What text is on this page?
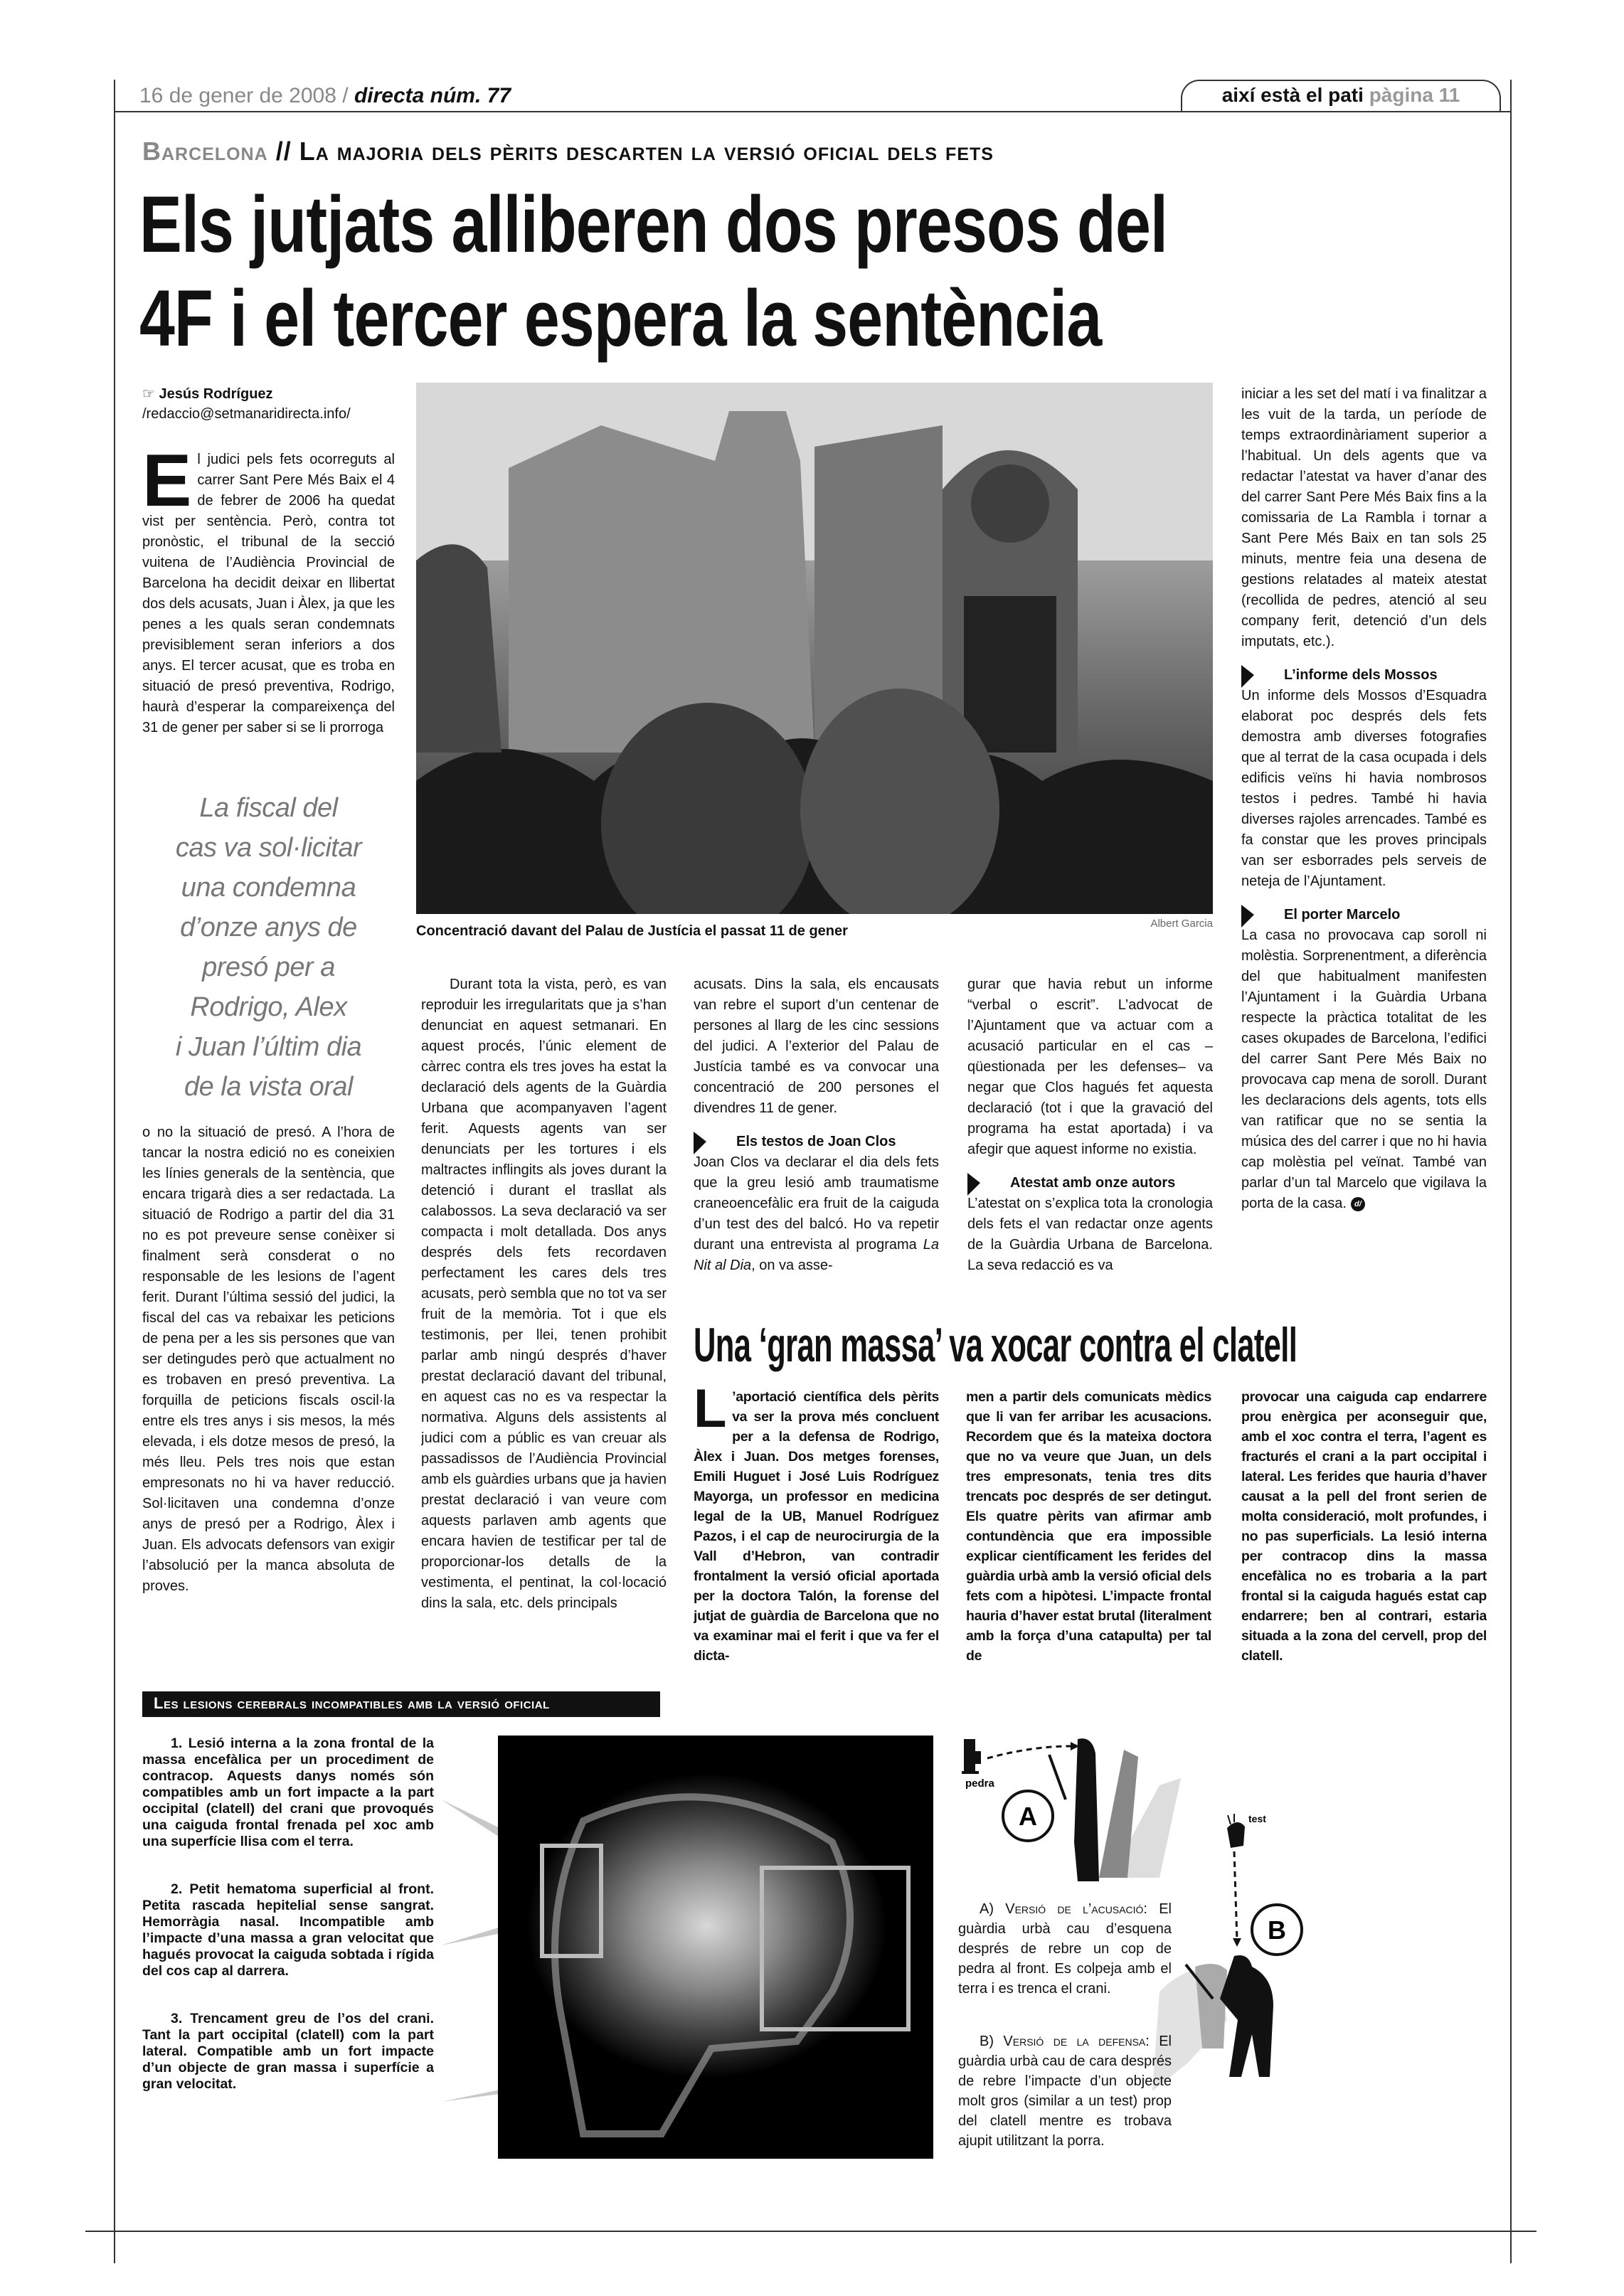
16 de gener de 2008 / directa núm. 77	així està el pati pàgina 11
Barcelona // La majoria dels pèrits descarten la versió oficial dels fets
Els jutjats alliberen dos presos del
4F i el tercer espera la sentència
☞ Jesús Rodríguez
/redaccio@setmanaridirecta.info/
E l judici pels fets ocorreguts al carrer Sant Pere Més Baix el 4 de febrer de 2006 ha quedat vist per sentència. Però, contra tot pronòstic, el tribunal de la secció vuitena de l’Audiència Provincial de Barcelona ha decidit deixar en llibertat dos dels acusats, Juan i Àlex, ja que les penes a les quals seran condemnats previsiblement seran inferiors a dos anys. El tercer acusat, que es troba en situació de presó preventiva, Rodrigo, haurà d’esperar la compareixença del 31 de gener per saber si se li prorroga
La fiscal del
cas va sol·licitar
una condemna
d’onze anys de
presó per a
Rodrigo, Alex
i Juan l’últim dia
de la vista oral

o no la situació de presó. A l’hora de tancar la nostra edició no es coneixien les línies generals de la sentència, que encara trigarà dies a ser redactada. La situació de Rodrigo a partir del dia 31 no es pot preveure sense conèixer si finalment serà consderat o no responsable de les lesions de l’agent ferit. Durant l’última sessió del judici, la fiscal del cas va rebaixar les peticions de pena per a les sis persones que van ser detingudes però que actualment no es trobaven en presó preventiva. La forquilla de peticions fiscals oscil·la entre els tres anys i sis mesos, la més elevada, i els dotze mesos de presó, la més lleu. Pels tres nois que estan empresonats no hi va haver reducció. Sol·licitaven una condemna d’onze anys de presó per a Rodrigo, Àlex i Juan. Els advocats defensors van exigir l’absolució per la manca absoluta de proves.

Albert Garcia
Concentració davant del Palau de Justícia el passat 11 de gener

Durant tota la vista, però, es van reproduir les irregularitats que ja s’han denunciat en aquest setmanari. En aquest procés, l’únic element de càrrec contra els tres joves ha estat la declaració dels agents de la Guàrdia Urbana que acompanyaven l’agent ferit. Aquests agents van ser denunciats per les tortures i els maltractes inflingits als joves durant la detenció i durant el trasllat als calabossos. La seva declaració va ser compacta i molt detallada. Dos anys després dels fets recordaven perfectament les cares dels tres acusats, però sembla que no tot va ser fruit de la memòria. Tot i que els testimonis, per llei, tenen prohibit parlar amb ningú després d’haver prestat declaració davant del tribunal, en aquest cas no es va respectar la normativa. Alguns dels assistents al judici com a públic es van creuar als passadissos de l’Audiència Provincial amb els guàrdies urbans que ja havien prestat declaració i van veure com aquests parlaven amb agents que encara havien de testificar per tal de proporcionar-los detalls de la vestimenta, el pentinat, la col·locació dins la sala, etc. dels principals

acusats. Dins la sala, els encausats van rebre el suport d’un centenar de persones al llarg de les cinc sessions del judici. A l’exterior del Palau de Justícia també es va convocar una concentració de 200 persones el divendres 11 de gener.

Els testos de Joan Clos

Joan Clos va declarar el dia dels fets que la greu lesió amb traumatisme craneoencefàlic era fruit de la caiguda d’un test des del balcó. Ho va repetir durant una entrevista al programa La Nit al Dia, on va asse-

gurar que havia rebut un informe “verbal o escrit”. L’advocat de l’Ajuntament que va actuar com a acusació particular en el cas –qüestionada per les defenses– va negar que Clos hagués fet aquesta declaració (tot i que la gravació del programa ha estat aportada) i va afegir que aquest informe no existia.

Atestat amb onze autors

L’atestat on s’explica tota la cronologia dels fets el van redactar onze agents de la Guàrdia Urbana de Barcelona. La seva redacció es va

iniciar a les set del matí i va finalitzar a les vuit de la tarda, un període de temps extraordinàriament superior a l’habitual. Un dels agents que va redactar l’atestat va haver d’anar des del carrer Sant Pere Més Baix fins a la comissaria de La Rambla i tornar a Sant Pere Més Baix en tan sols 25 minuts, mentre feia una desena de gestions relatades al mateix atestat (recollida de pedres, atenció al seu company ferit, detenció d’un dels imputats, etc.).

L’informe dels Mossos

Un informe dels Mossos d’Esquadra elaborat poc després dels fets demostra amb diverses fotografies que al terrat de la casa ocupada i dels edificis veïns hi havia nombrosos testos i pedres. També hi havia diverses rajoles arrencades. També es fa constar que les proves principals van ser esborrades pels serveis de neteja de l’Ajuntament.

El porter Marcelo

La casa no provocava cap soroll ni molèstia. Sorprenentment, a diferència del que habitualment manifesten l’Ajuntament i la Guàrdia Urbana respecte la pràctica totalitat de les cases okupades de Barcelona, l’edifici del carrer Sant Pere Més Baix no provocava cap mena de soroll. Durant les declaracions dels agents, tots ells van ratificar que no se sentia la música des del carrer i que no hi havia cap molèstia pel veïnat. També van parlar d’un tal Marcelo que vigilava la porta de la casa. d/

Una ‘gran massa’ va xocar contra el clatell
L ’aportació científica dels pèrits va ser la prova més concluent per a la defensa de Rodrigo, Àlex i Juan. Dos metges forenses, Emili Huguet i José Luis Rodríguez Mayorga, un professor en medicina legal de la UB, Manuel Rodríguez Pazos, i el cap de neurocirurgia de la Vall d’Hebron, van contradir frontalment la versió oficial aportada per la doctora Talón, la forense del jutjat de guàrdia de Barcelona que no va examinar mai el ferit i que va fer el dicta-
men a partir dels comunicats mèdics que li van fer arribar les acusacions. Recordem que és la mateixa doctora que no va veure que Juan, un dels tres empresonats, tenia tres dits trencats poc després de ser detingut. Els quatre pèrits van afirmar amb contundència que era impossible explicar científicament les ferides del guàrdia urbà amb la versió oficial dels fets com a hipòtesi. L’impacte frontal hauria d’haver estat brutal (literalment amb la força d’una catapulta) per tal de
provocar una caiguda cap endarrere prou enèrgica per aconseguir que, amb el xoc contra el terra, l’agent es fracturés el crani a la part occipital i lateral. Les ferides que hauria d’haver causat a la pell del front serien de molta consideració, molt profundes, i no pas superficials. La lesió interna per contracop dins la massa encefàlica no es trobaria a la part frontal si la caiguda hagués estat cap endarrere; ben al contrari, estaria situada a la zona del cervell, prop del clatell.
Les lesions cerebrals incompatibles amb la versió oficial

1. Lesió interna a la zona frontal de la massa encefàlica per un procediment de contracop. Aquests danys només són compatibles amb un fort impacte a la part occipital (clatell) del crani que provoqués una caiguda frontal frenada pel xoc amb una superfície llisa com el terra.

2. Petit hematoma superficial al front. Petita rascada hepitelial sense sangrat. Hemorràgia nasal. Incompatible amb l’impacte d’una massa a gran velocitat que hagués provocat la caiguda sobtada i rígida del cos cap al darrera.

3. Trencament greu de l’os del crani. Tant la part occipital (clatell) com la part lateral. Compatible amb un fort impacte d’un objecte de gran massa i superfície a gran velocitat.

pedra
test
A
B
A) Versió de l’acusació: El guàrdia urbà cau d’esquena després de rebre un cop de pedra al front. Es colpeja amb el terra i es trenca el crani.
B) Versió de la defensa: El guàrdia urbà cau de cara després de rebre l’impacte d’un objecte molt gros (similar a un test) prop del clatell mentre es trobava ajupit utilitzant la porra.
